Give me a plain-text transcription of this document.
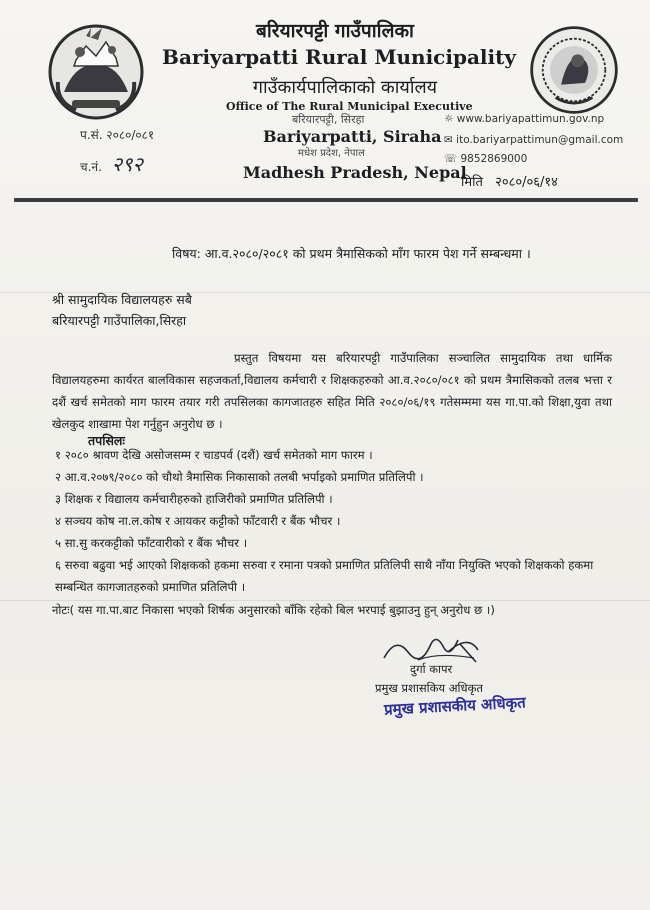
बरियारपट्टी गाउँपालिका
Bariyarpatti Rural Municipality
गाउँकार्यपालिकाको कार्यालय
Office of The Rural Municipal Executive
बरियारपट्टी, सिरहा
Bariyarpatti, Siraha
मधेश प्रदेश, नेपाल
Madhesh Pradesh, Nepal
प.सं. २०८०/०८१
च.नं. २९२
☼ www.bariyapattimun.gov.np
✉ ito.bariyarpattimun@gmail.com
☏ 9852869000
मिति २०८०/०६/१४
विषय: आ.व.२०८०/२०८१ को प्रथम त्रैमासिकको माँग फारम पेश गर्ने सम्बन्धमा ।
श्री सामुदायिक विद्यालयहरु सबै
बरियारपट्टी गाउँपालिका,सिरहा
प्रस्तुत विषयमा यस बरियारपट्टी गाउँपालिका सञ्चालित सामुदायिक तथा धार्मिक विद्यालयहरुमा कार्यरत बालविकास सहजकर्ता,विद्यालय कर्मचारी र शिक्षकहरुको आ.व.२०८०/०८१ को प्रथम त्रैमासिकको तलब भत्ता र दशैं खर्च समेतको माग फारम तयार गरी तपसिलका कागजातहरु सहित मिति २०८०/०६/१९ गतेसम्ममा यस गा.पा.को शिक्षा,युवा तथा खेलकुद शाखामा पेश गर्नुहुन अनुरोध छ ।
तपसिलः
१ २०८० श्रावण देखि असोजसम्म र चाडपर्व (दशैं) खर्च समेतको माग फारम ।
२ आ.व.२०७९/२०८० को चौथो त्रैमासिक निकासाको तलबी भर्पाइको प्रमाणित प्रतिलिपी ।
३ शिक्षक र विद्यालय कर्मचारीहरुको हाजिरीको प्रमाणित प्रतिलिपी ।
४ सञ्चय कोष ना.ल.कोष र आयकर कट्टीको फाँटवारी र बैंक भौचर ।
५ सा.सु करकट्टीको फाँटवारीको र बैंक भौचर ।
६ सरुवा बढुवा भई आएको शिक्षकको हकमा सरुवा र रमाना पत्रको प्रमाणित प्रतिलिपी साथै नाँया नियुक्ति भएको शिक्षकको हकमा सम्बन्धित कागजातहरुको प्रमाणित प्रतिलिपी ।
नोटः( यस गा.पा.बाट निकासा भएको शिर्षक अनुसारको बाँकि रहेको बिल भरपाई बुझाउनु हुन् अनुरोध छ ।)
दुर्गा कापर
प्रमुख प्रशासकिय अधिकृत
प्रमुख प्रशासकीय अधिकृत
